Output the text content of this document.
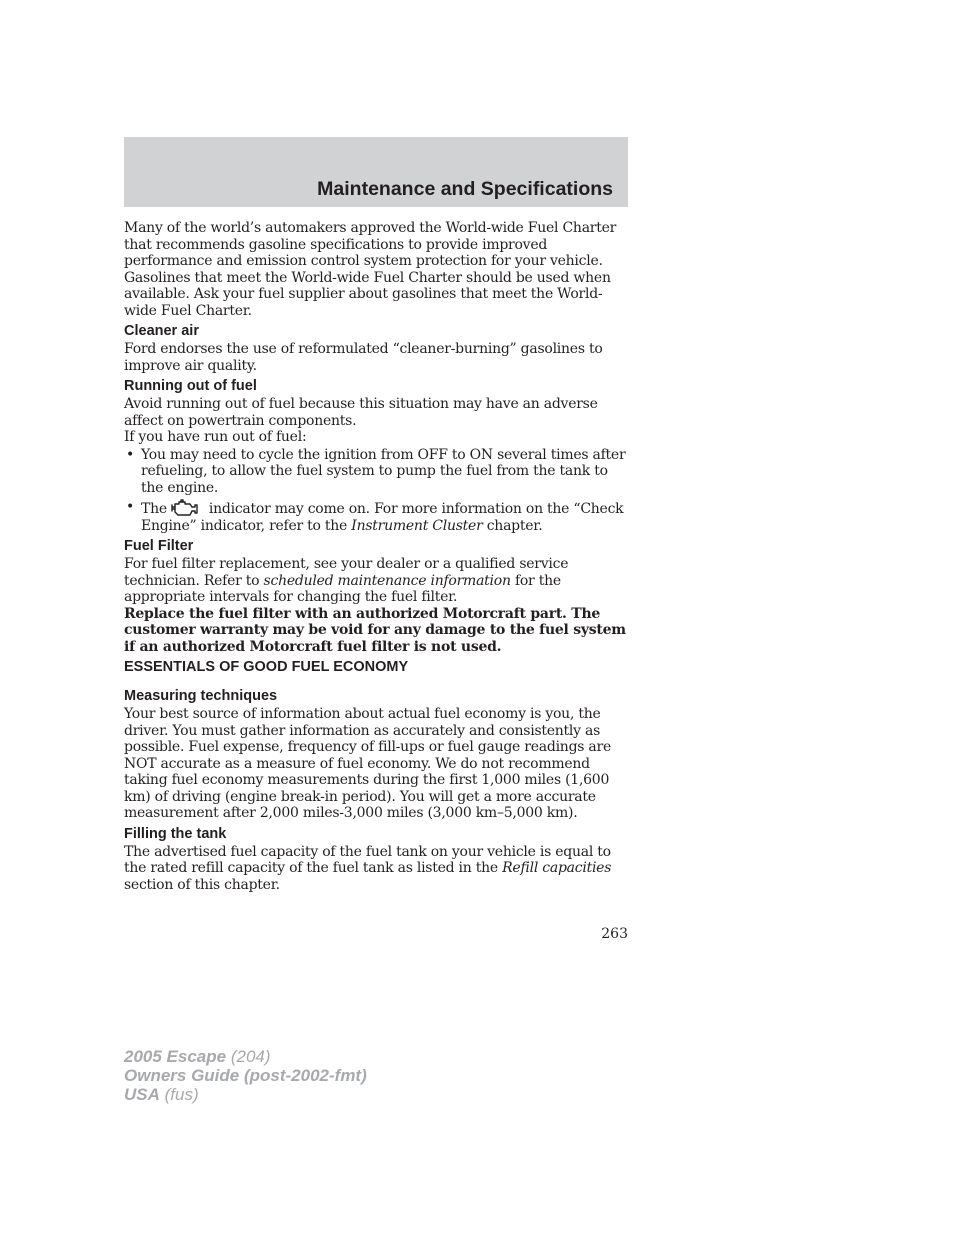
Maintenance and Specifications

Many of the world’s automakers approved the World-wide Fuel Charter that recommends gasoline specifications to provide improved performance and emission control system protection for your vehicle. Gasolines that meet the World-wide Fuel Charter should be used when available. Ask your fuel supplier about gasolines that meet the World-wide Fuel Charter.

Cleaner air

Ford endorses the use of reformulated “cleaner-burning” gasolines to improve air quality.

Running out of fuel

Avoid running out of fuel because this situation may have an adverse affect on powertrain components.

If you have run out of fuel:

• You may need to cycle the ignition from OFF to ON several times after refueling, to allow the fuel system to pump the fuel from the tank to the engine.
• The	indicator may come on. For more information on the “Check Engine” indicator, refer to the Instrument Cluster chapter.
Fuel Filter

For fuel filter replacement, see your dealer or a qualified service technician. Refer to scheduled maintenance information for the appropriate intervals for changing the fuel filter.

Replace the fuel filter with an authorized Motorcraft part. The customer warranty may be void for any damage to the fuel system if an authorized Motorcraft fuel filter is not used.

ESSENTIALS OF GOOD FUEL ECONOMY
Measuring techniques

Your best source of information about actual fuel economy is you, the driver. You must gather information as accurately and consistently as possible. Fuel expense, frequency of fill-ups or fuel gauge readings are NOT accurate as a measure of fuel economy. We do not recommend taking fuel economy measurements during the first 1,000 miles (1,600 km) of driving (engine break-in period). You will get a more accurate measurement after 2,000 miles-3,000 miles (3,000 km–5,000 km).

Filling the tank

The advertised fuel capacity of the fuel tank on your vehicle is equal to the rated refill capacity of the fuel tank as listed in the Refill capacities section of this chapter.

263
2005 Escape (204)
Owners Guide (post-2002-fmt)
USA (fus)
